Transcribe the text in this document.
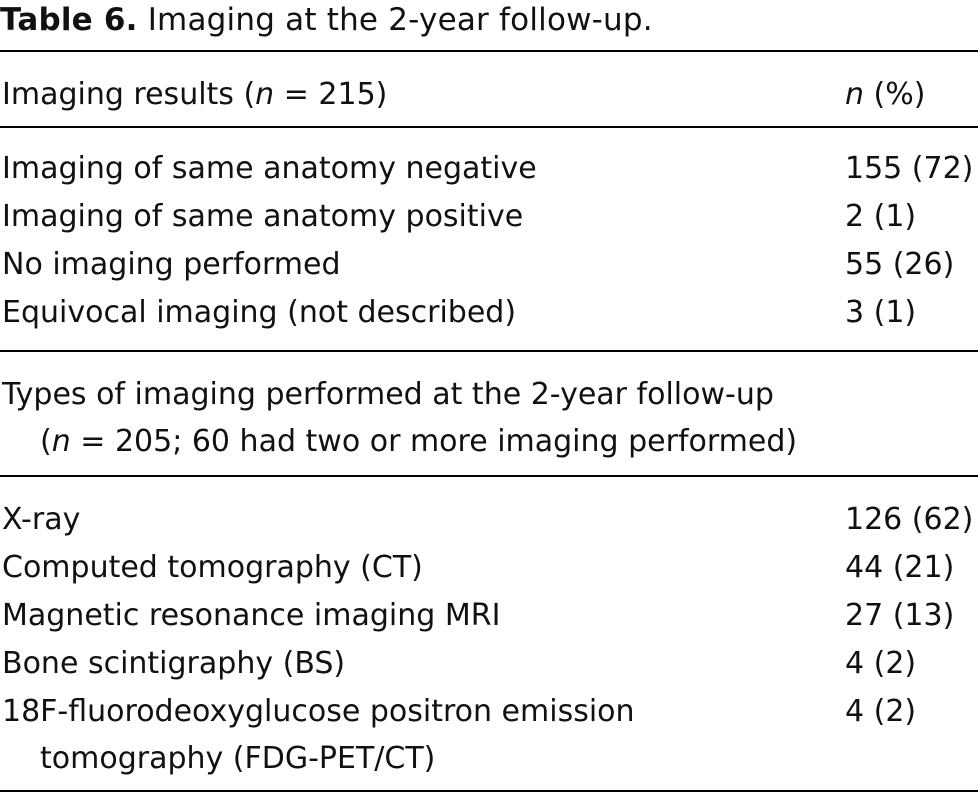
Table 6. Imaging at the 2-year follow-up.
Imaging results (n = 215)	n (%)
Imaging of same anatomy negative	155 (72)
Imaging of same anatomy positive	2 (1)
No imaging performed	55 (26)
Equivocal imaging (not described)	3 (1)
Types of imaging performed at the 2-year follow-up
(n = 205; 60 had two or more imaging performed)
X-ray	126 (62)
Computed tomography (CT)	44 (21)
Magnetic resonance imaging MRI	27 (13)
Bone scintigraphy (BS)	4 (2)
18F-fluorodeoxyglucose positron emission	4 (2)
tomography (FDG-PET/CT)
